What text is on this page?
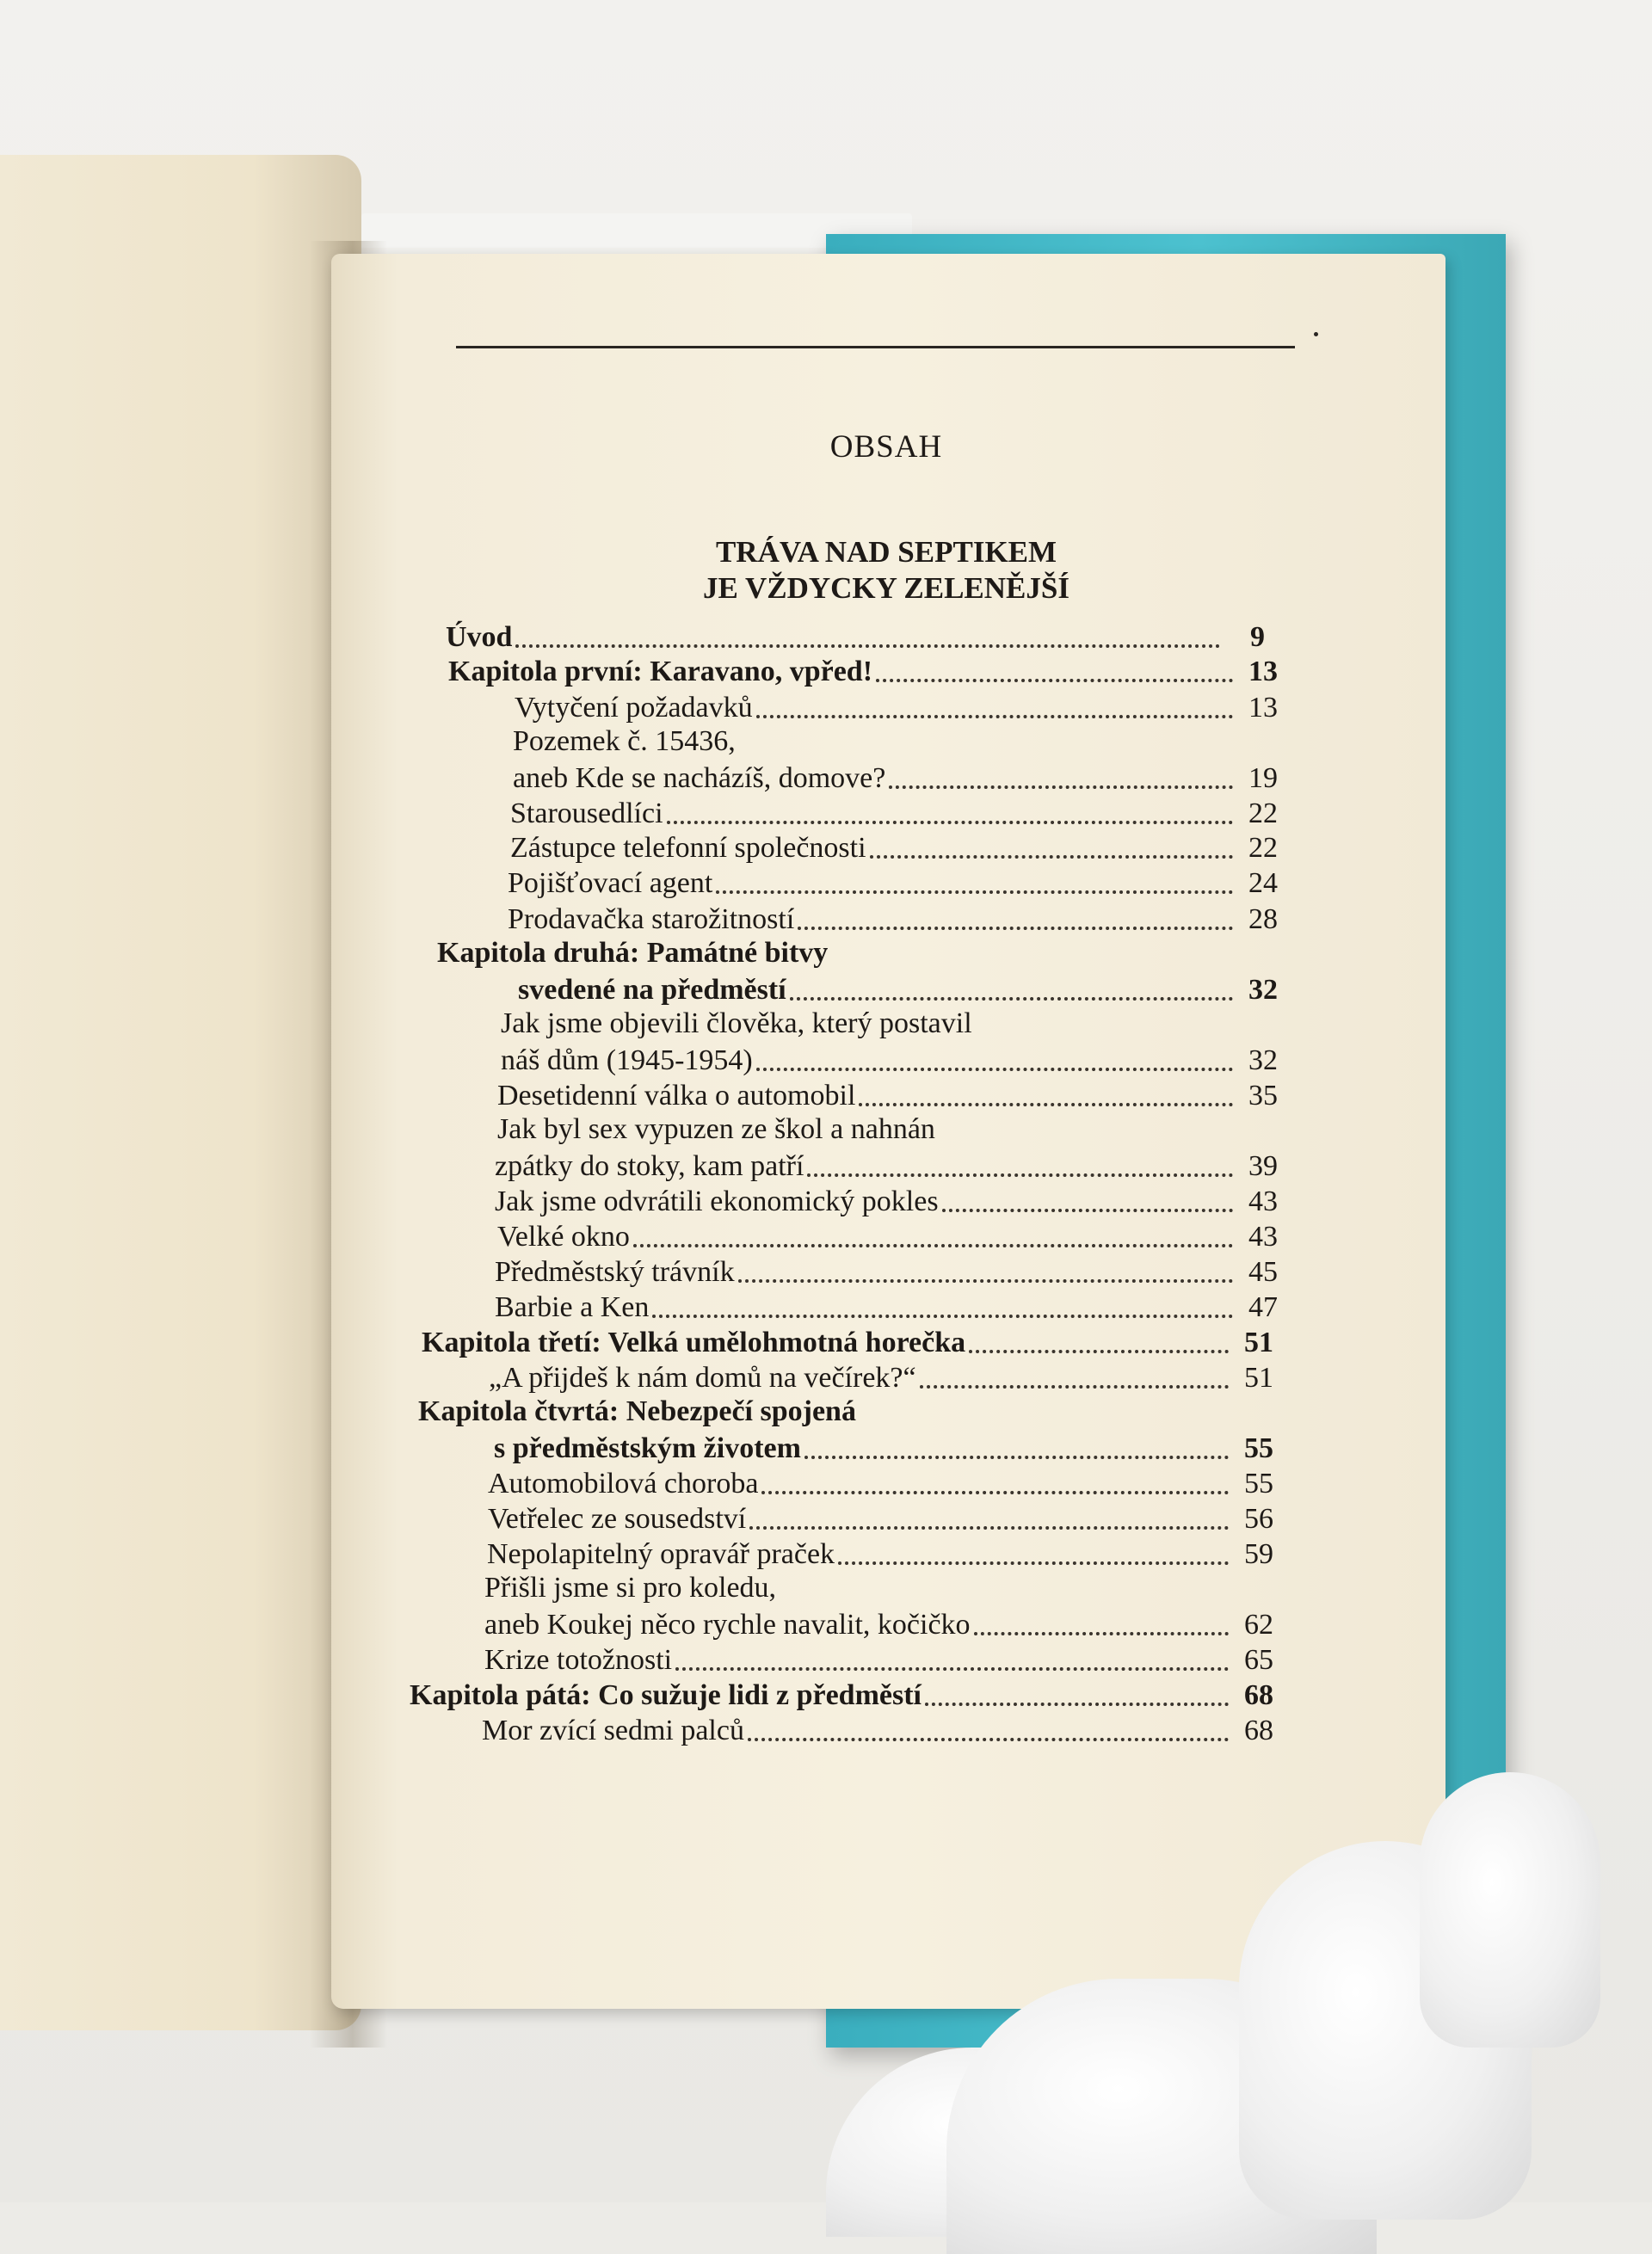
OBSAH
TRÁVA NAD SEPTIKEM
JE VŽDYCKY ZELENĚJŠÍ
Úvod	9
Kapitola první: Karavano, vpřed!	13
Vytyčení požadavků	13
Pozemek č. 15436,
aneb Kde se nacházíš, domove?	19
Starousedlíci	22
Zástupce telefonní společnosti	22
Pojišťovací agent	24
Prodavačka starožitností	28
Kapitola druhá: Památné bitvy
svedené na předměstí	32
Jak jsme objevili člověka, který postavil
náš dům (1945-1954)	32
Desetidenní válka o automobil	35
Jak byl sex vypuzen ze škol a nahnán
zpátky do stoky, kam patří	39
Jak jsme odvrátili ekonomický pokles	43
Velké okno	43
Předměstský trávník	45
Barbie a Ken	47
Kapitola třetí: Velká umělohmotná horečka	51
„A přijdeš k nám domů na večírek?“	51
Kapitola čtvrtá: Nebezpečí spojená
s předměstským životem	55
Automobilová choroba	55
Vetřelec ze sousedství	56
Nepolapitelný opravář praček	59
Přišli jsme si pro koledu,
aneb Koukej něco rychle navalit, kočičko	62
Krize totožnosti	65
Kapitola pátá: Co sužuje lidi z předměstí	68
Mor zvící sedmi palců	68
